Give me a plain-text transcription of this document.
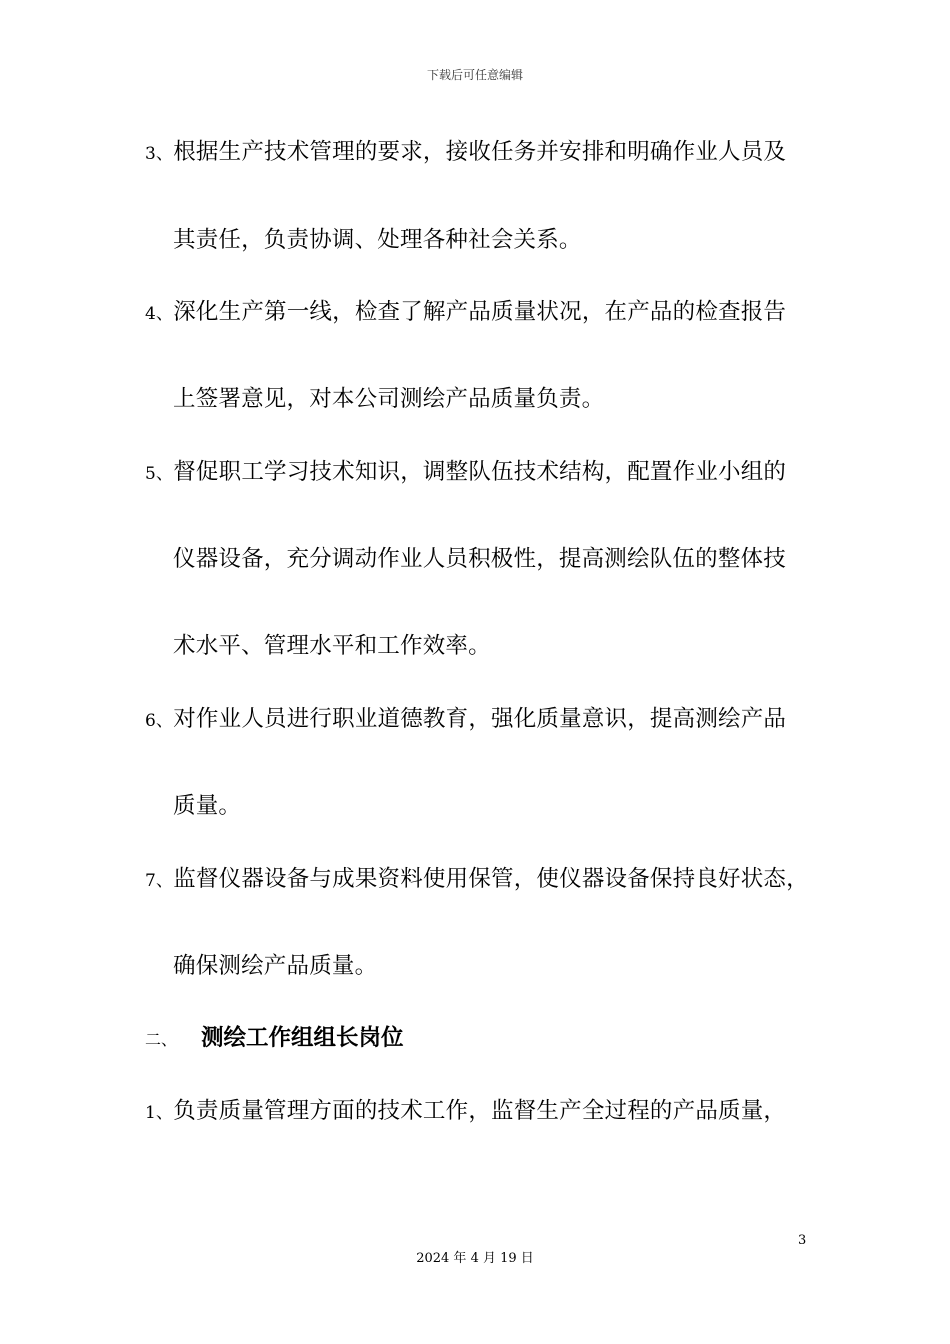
下载后可任意编辑
3、根据生产技术管理的要求，接收任务并安排和明确作业人员及
其责任，负责协调、处理各种社会关系。
4、深化生产第一线，检查了解产品质量状况，在产品的检查报告
上签署意见，对本公司测绘产品质量负责。
5、督促职工学习技术知识，调整队伍技术结构，配置作业小组的
仪器设备，充分调动作业人员积极性，提高测绘队伍的整体技
术水平、管理水平和工作效率。
6、对作业人员进行职业道德教育，强化质量意识，提高测绘产品
质量。
7、监督仪器设备与成果资料使用保管，使仪器设备保持良好状态，
确保测绘产品质量。
二、 测绘工作组组长岗位
1、负责质量管理方面的技术工作，监督生产全过程的产品质量，
3
2024 年 4 月 19 日
